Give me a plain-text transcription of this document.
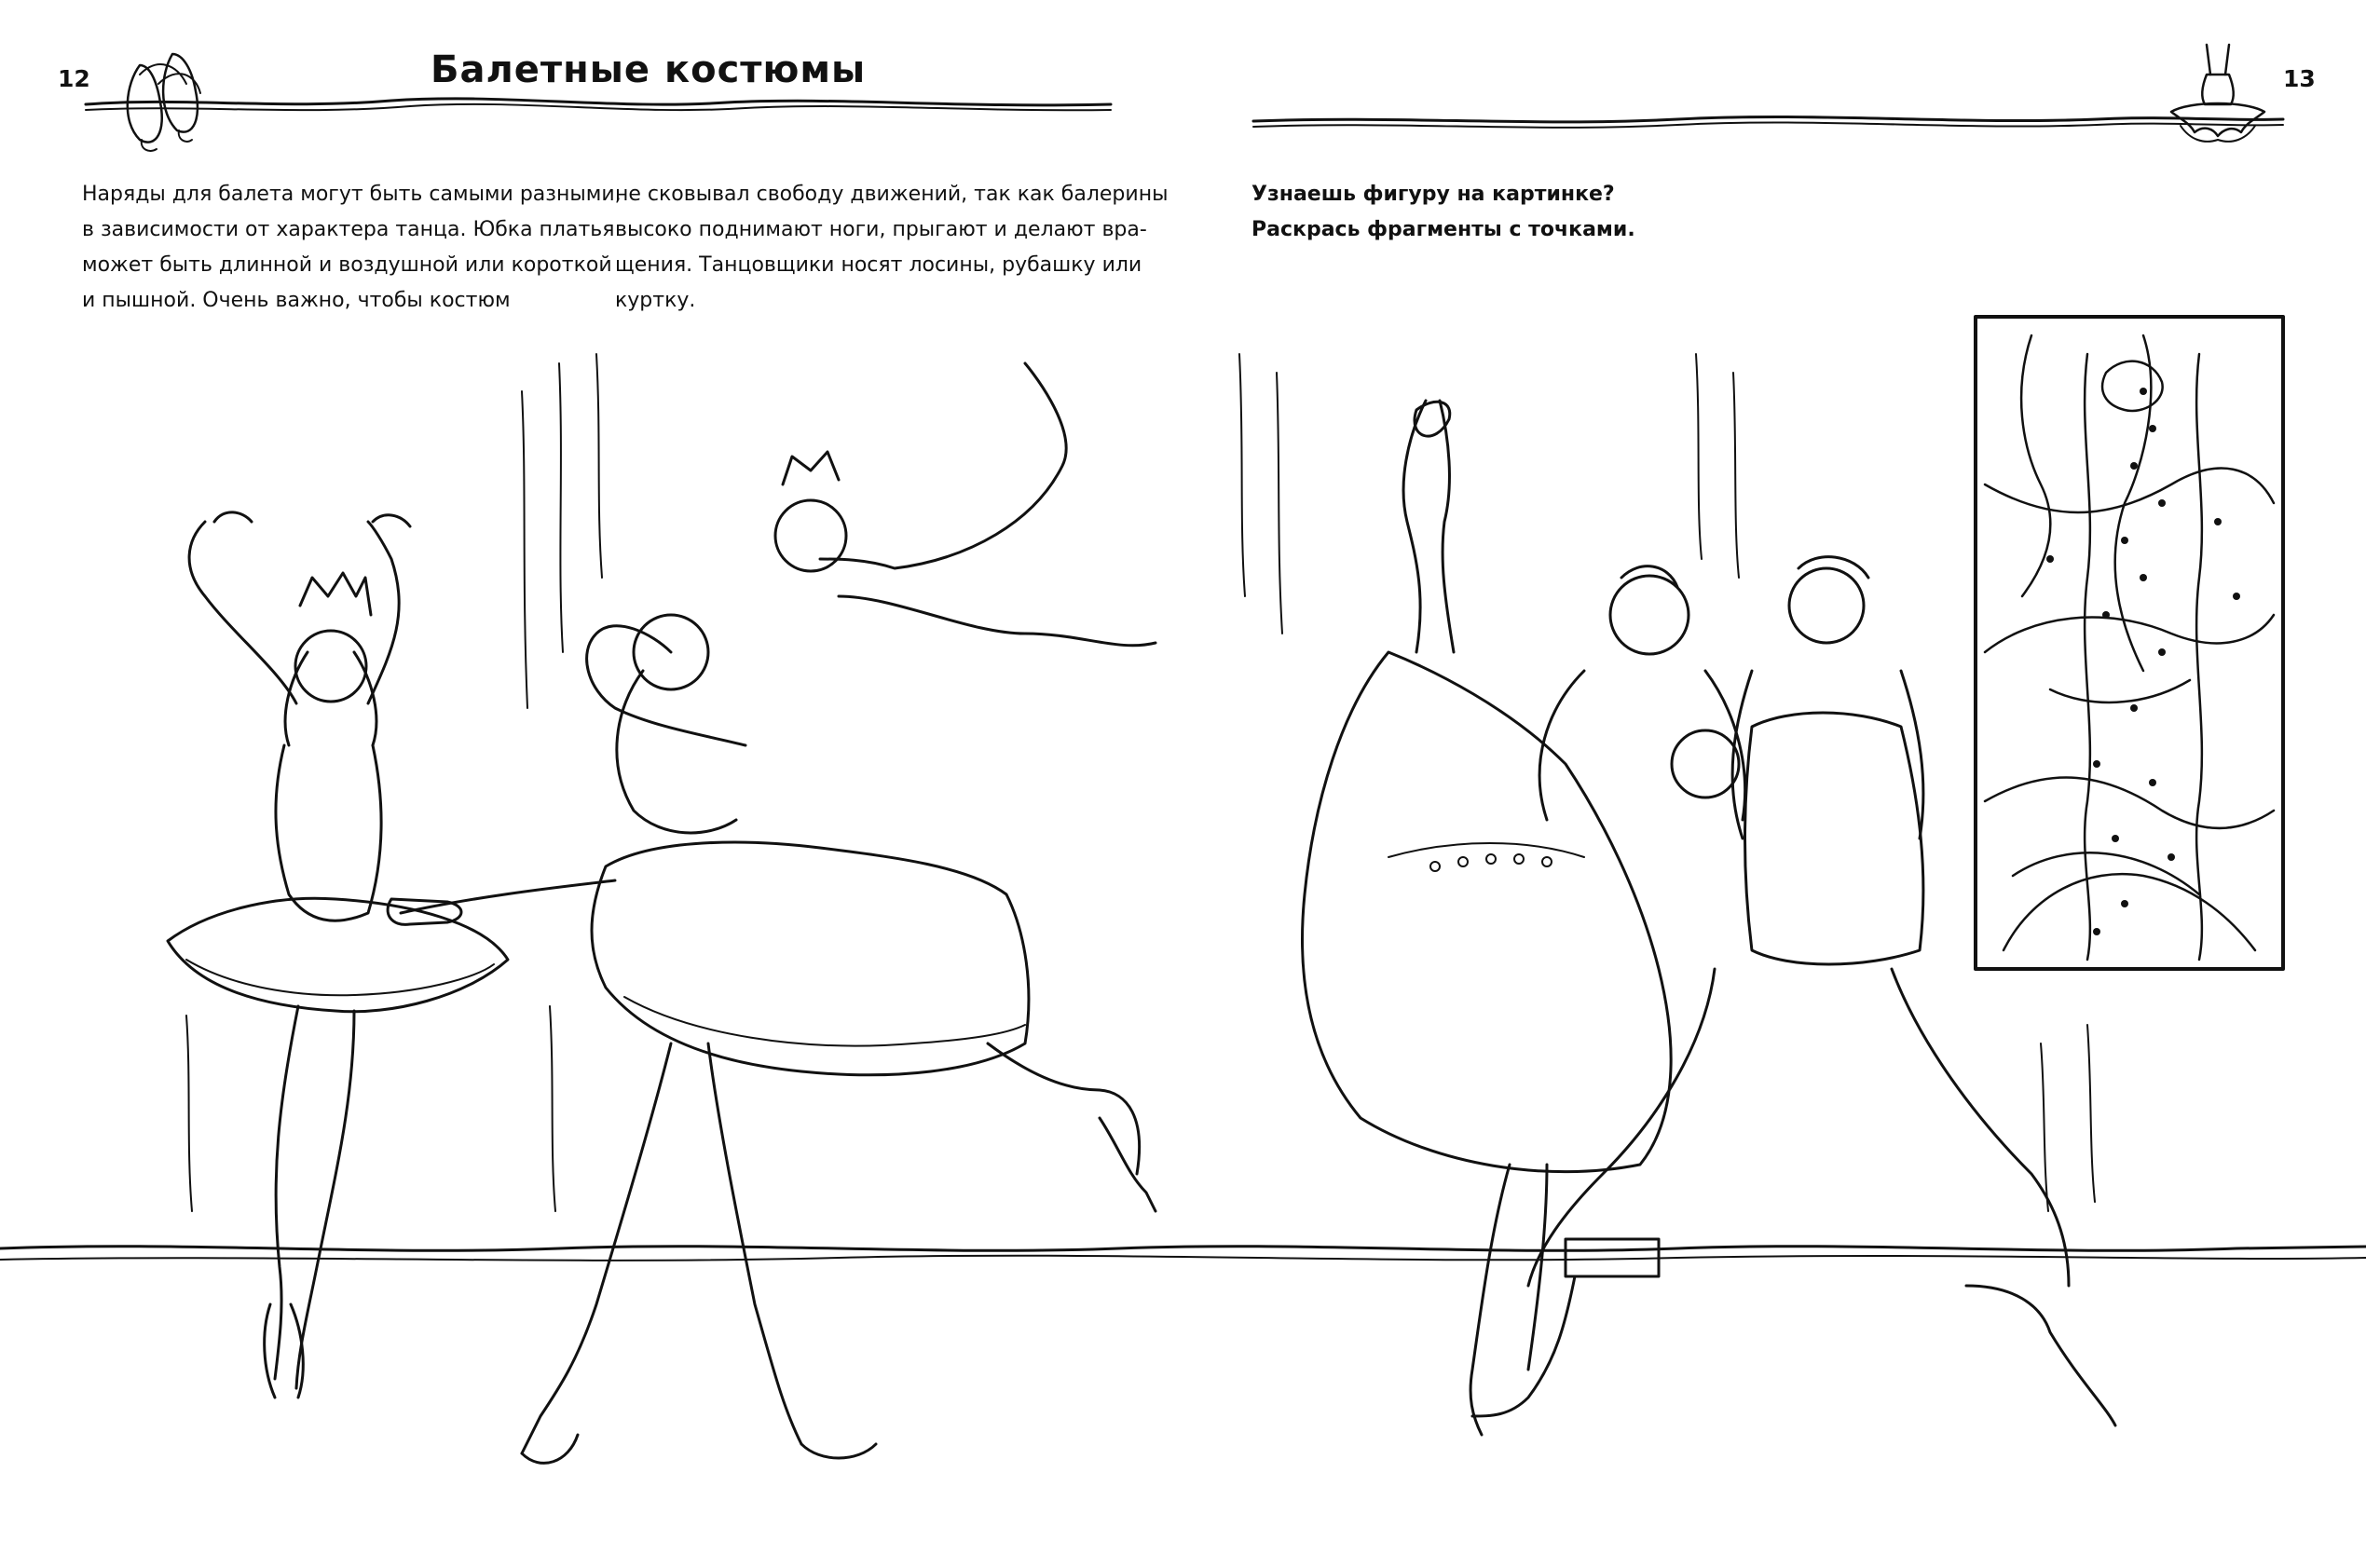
12	13
Балетные костюмы
Наряды для балета могут быть самыми разными,
в зависимости от характера танца. Юбка платья
может быть длинной и воздушной или короткой
и пышной. Очень важно, чтобы костюм
не сковывал свободу движений, так как балерины
высоко поднимают ноги, прыгают и делают вра-
щения. Танцовщики носят лосины, рубашку или
куртку.
Узнаешь фигуру на картинке?
Раскрась фрагменты с точками.
